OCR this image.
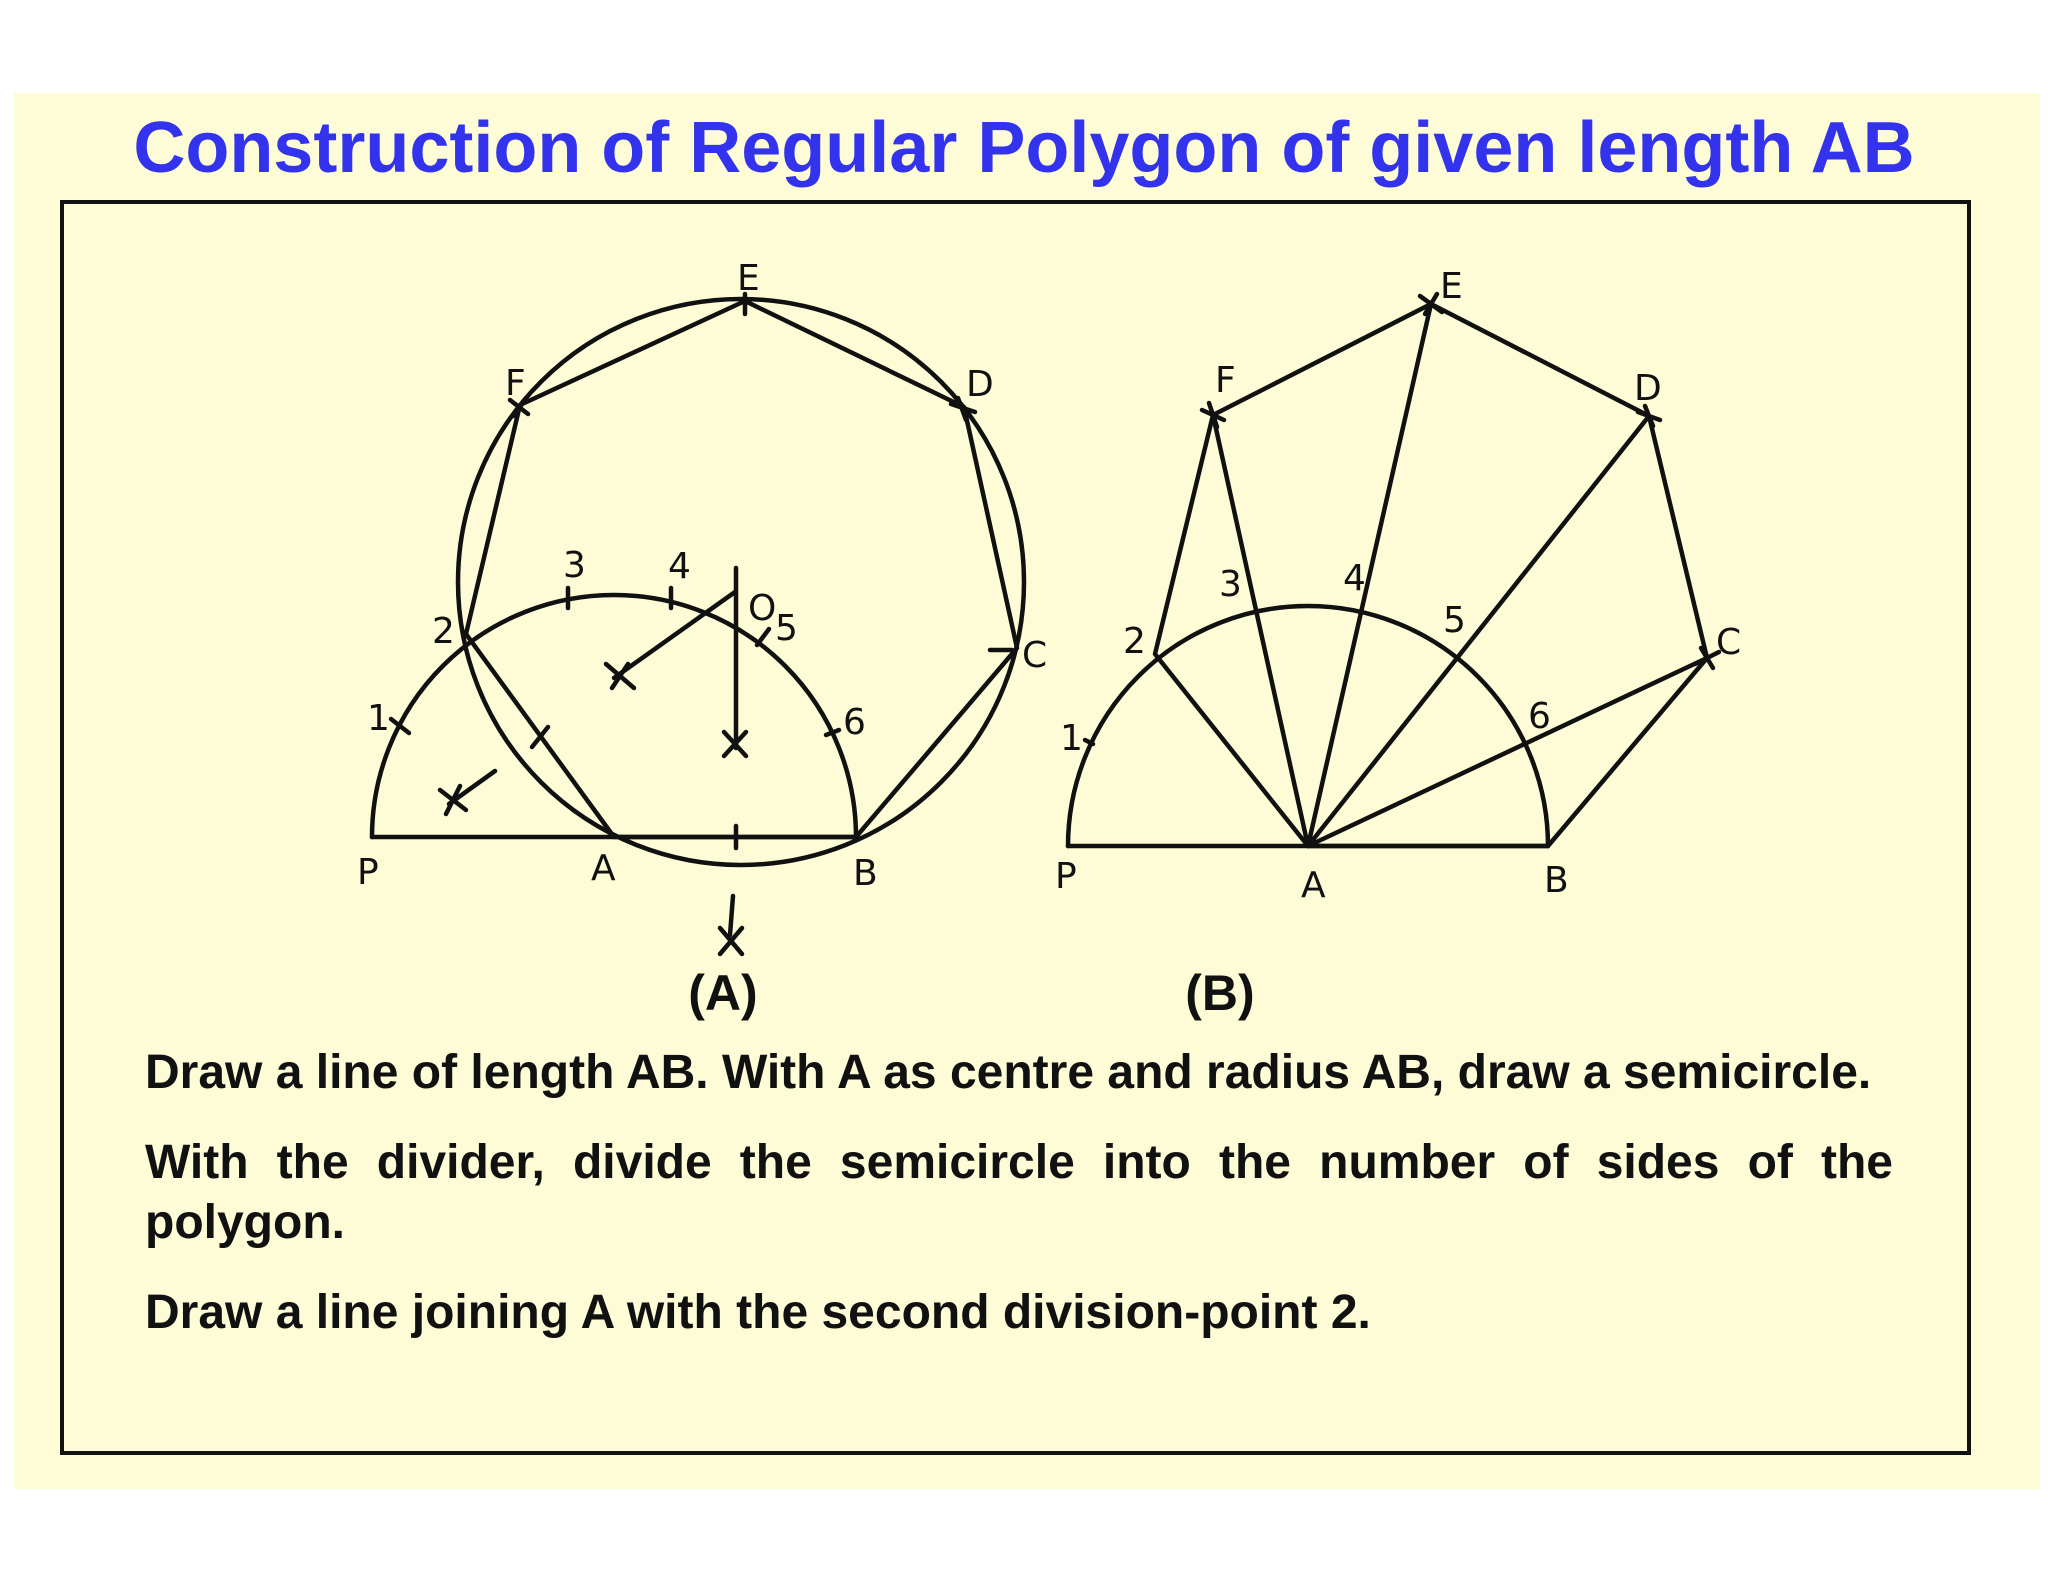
Construction of Regular Polygon of given length AB
P	A	B
C
D
E
F
O
1
2
3 4
5
6
(A)
P	A	B
C
D
E
F
1
2
3	4
5
6
(B)

Draw a line of length AB. With A as centre and radius AB, draw a semicircle.

With the divider, divide the semicircle into the number of sides of the polygon.

Draw a line joining A with the second division-point 2.
